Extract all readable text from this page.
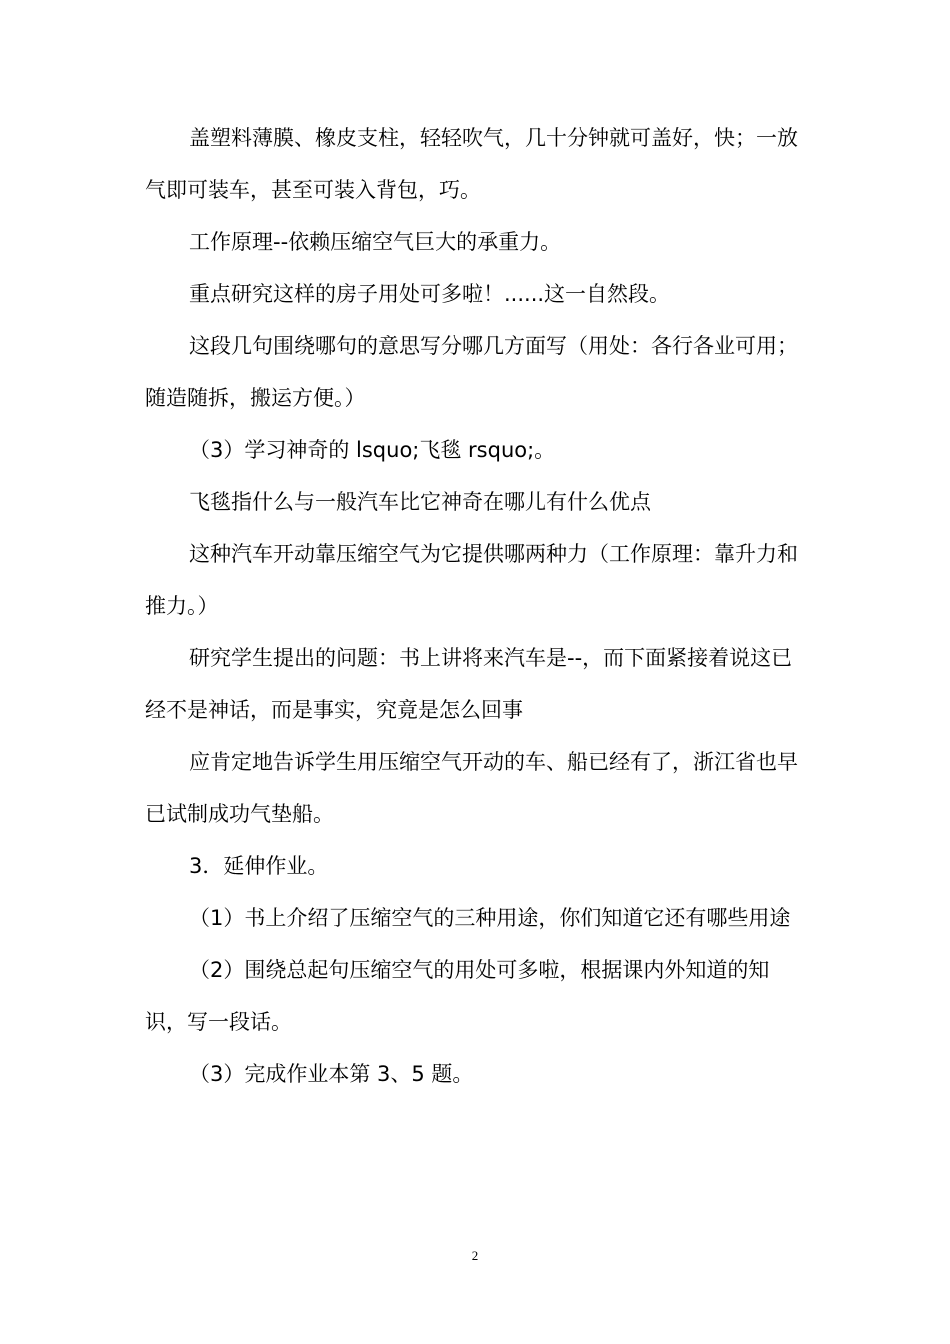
盖塑料薄膜、橡皮支柱，轻轻吹气，几十分钟就可盖好，快；一放气即可装车，甚至可装入背包，巧。

工作原理--依赖压缩空气巨大的承重力。

重点研究这样的房子用处可多啦！......这一自然段。

这段几句围绕哪句的意思写分哪几方面写（用处：各行各业可用；随造随拆，搬运方便。）

（3）学习神奇的 lsquo;飞毯 rsquo;。

飞毯指什么与一般汽车比它神奇在哪儿有什么优点

这种汽车开动靠压缩空气为它提供哪两种力（工作原理：靠升力和推力。）

研究学生提出的问题：书上讲将来汽车是--，而下面紧接着说这已经不是神话，而是事实，究竟是怎么回事

应肯定地告诉学生用压缩空气开动的车、船已经有了，浙江省也早已试制成功气垫船。

3．延伸作业。

（1）书上介绍了压缩空气的三种用途，你们知道它还有哪些用途

（2）围绕总起句压缩空气的用处可多啦，根据课内外知道的知识，写一段话。

（3）完成作业本第 3、5 题。

2
